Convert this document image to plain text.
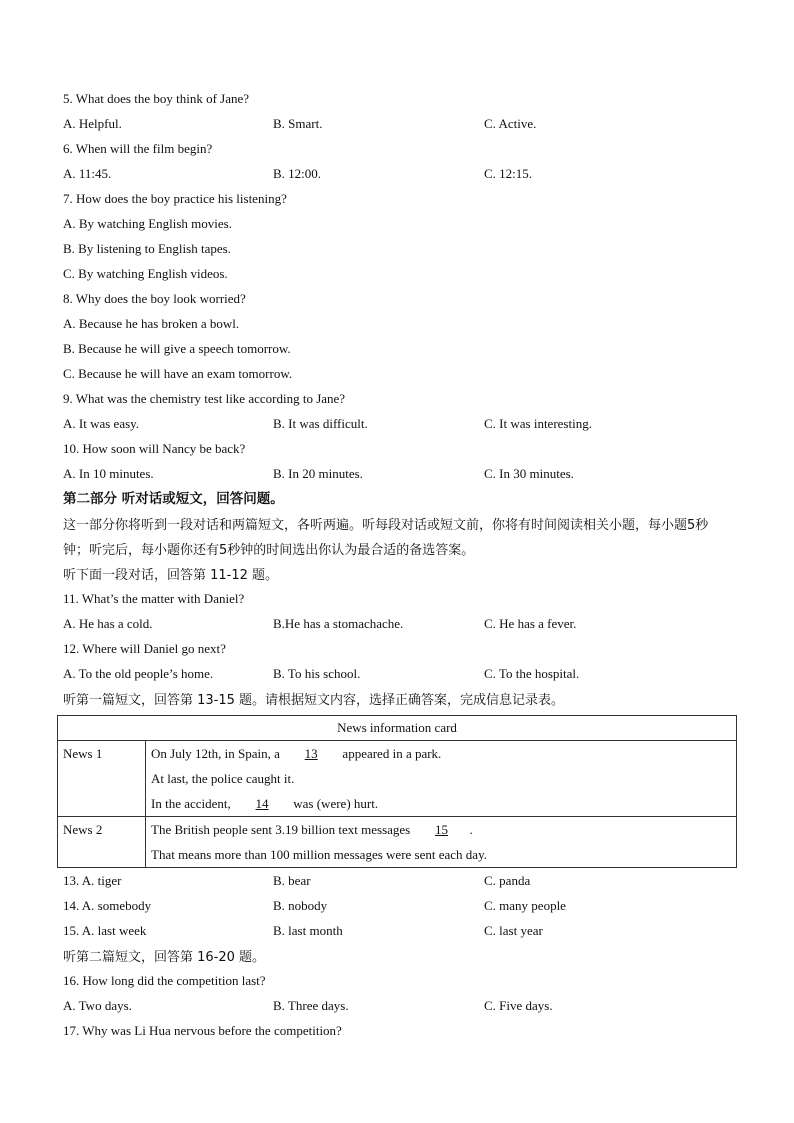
5. What does the boy think of Jane?
A. Helpful.	B. Smart.	C. Active.
6. When will the film begin?
A. 11:45.	B. 12:00.	C. 12:15.
7. How does the boy practice his listening?
A. By watching English movies.
B. By listening to English tapes.
C. By watching English videos.
8. Why does the boy look worried?
A. Because he has broken a bowl.
B. Because he will give a speech tomorrow.
C. Because he will have an exam tomorrow.
9. What was the chemistry test like according to Jane?
A. It was easy.	B. It was difficult.	C. It was interesting.
10. How soon will Nancy be back?
A. In 10 minutes.	B. In 20 minutes.	C. In 30 minutes.
第二部分 听对话或短文，回答问题。
这一部分你将听到一段对话和两篇短文，各听两遍。听每段对话或短文前，你将有时间阅读相关小题，每小题5秒钟；听完后，每小题你还有5秒钟的时间选出你认为最合适的备选答案。
听下面一段对话，回答第 11-12 题。
11. What’s the matter with Daniel?
A. He has a cold.	B.He has a stomachache.	C. He has a fever.
12. Where will Daniel go next?
A. To the old people’s home.	B. To his school.	C. To the hospital.
听第一篇短文，回答第 13-15 题。请根据短文内容，选择正确答案，完成信息记录表。
News information card	
News 1	On July 12th, in Spain, a 13 appeared in a park.
At last, the police caught it.
In the accident, 14 was (were) hurt.

News 2	The British people sent 3.19 billion text messages 15 .
That means more than 100 million messages were sent each day.
13. A. tiger	B. bear	C. panda
14. A. somebody	B. nobody	C. many people
15. A. last week	B. last month	C. last year
听第二篇短文，回答第 16-20 题。
16. How long did the competition last?
A. Two days.	B. Three days.	C. Five days.
17. Why was Li Hua nervous before the competition?
